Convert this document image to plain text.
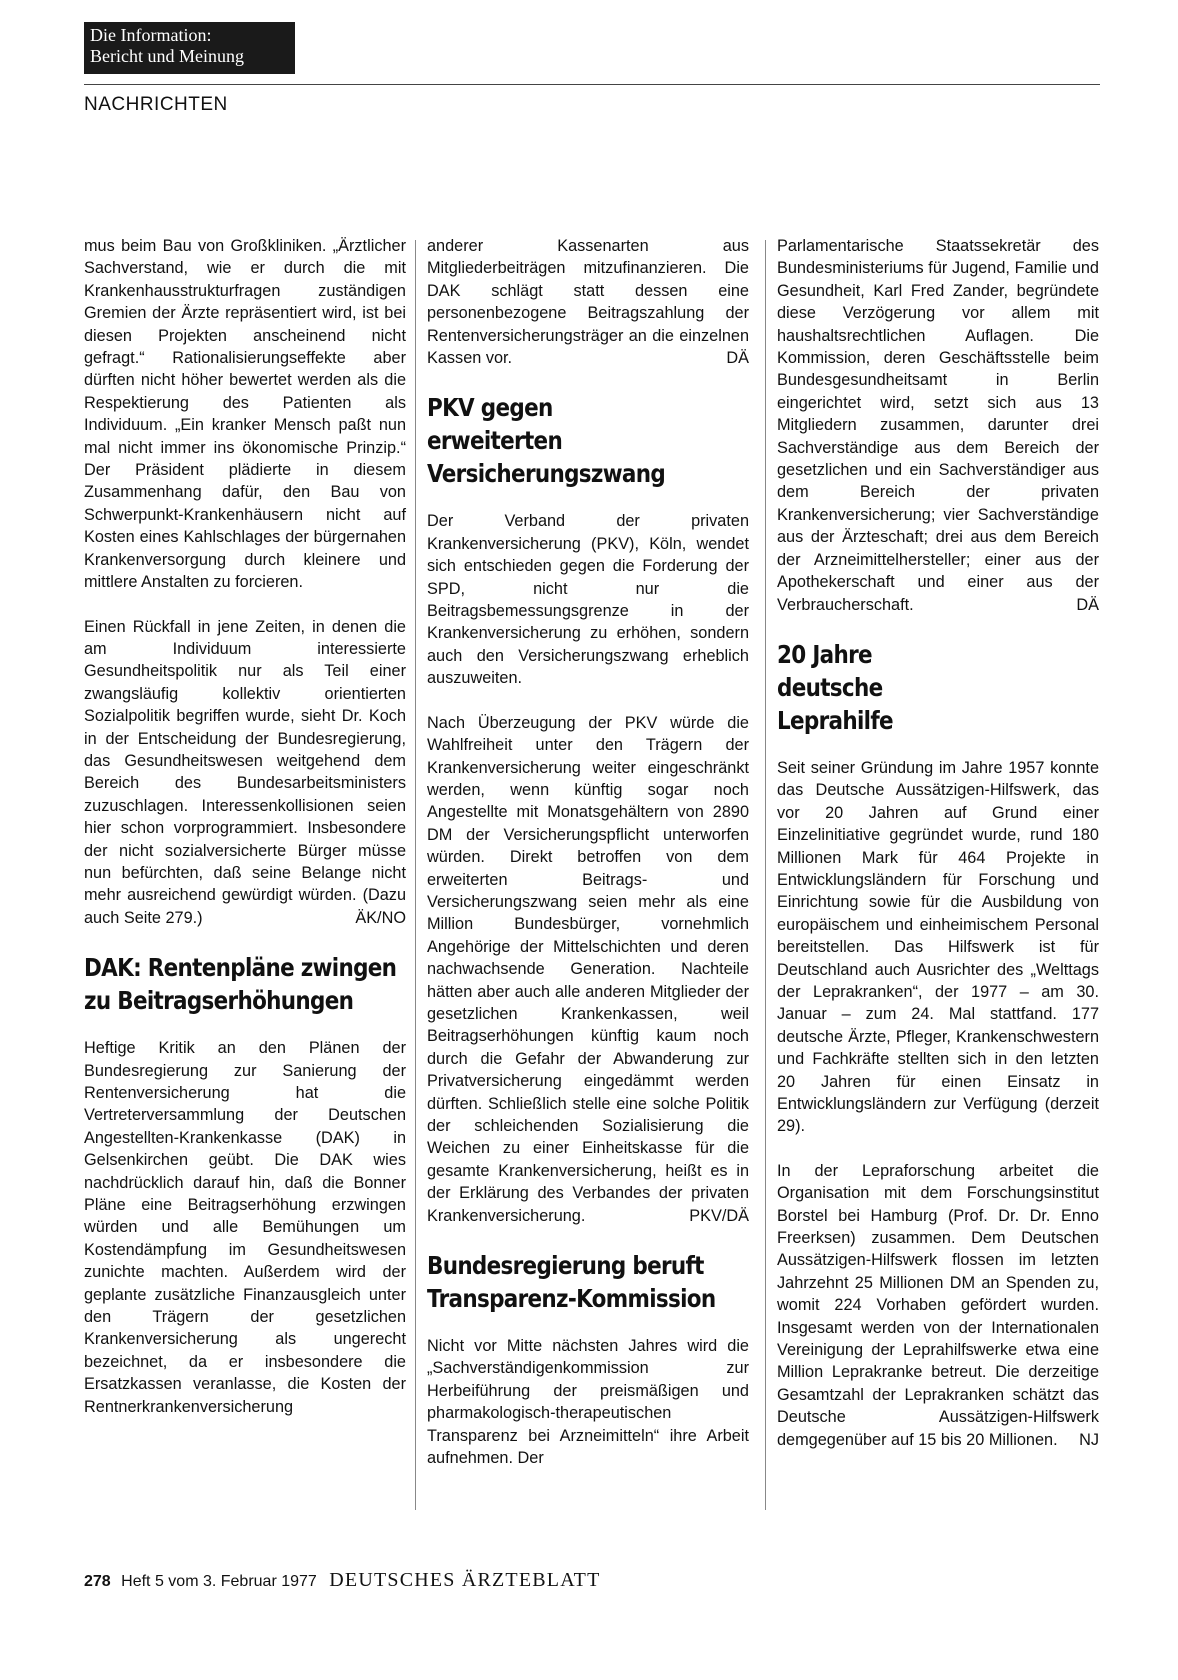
Die Information:
Bericht und Meinung
NACHRICHTEN

mus beim Bau von Großkliniken. „Ärztlicher Sachverstand, wie er durch die mit Krankenhausstrukturfragen zuständigen Gremien der Ärzte repräsentiert wird, ist bei diesen Projekten anscheinend nicht gefragt.“ Rationalisierungseffekte aber dürften nicht höher bewertet werden als die Respektierung des Patienten als Individuum. „Ein kranker Mensch paßt nun mal nicht immer ins ökonomische Prinzip.“ Der Präsident plädierte in diesem Zusammenhang dafür, den Bau von Schwerpunkt-Krankenhäusern nicht auf Kosten eines Kahlschlages der bürgernahen Krankenversorgung durch kleinere und mittlere Anstalten zu forcieren.

Einen Rückfall in jene Zeiten, in denen die am Individuum interessierte Gesundheitspolitik nur als Teil einer zwangsläufig kollektiv orientierten Sozialpolitik begriffen wurde, sieht Dr. Koch in der Entscheidung der Bundesregierung, das Gesundheitswesen weitgehend dem Bereich des Bundesarbeitsministers zuzuschlagen. Interessenkollisionen seien hier schon vorprogrammiert. Insbesondere der nicht sozialversicherte Bürger müsse nun befürchten, daß seine Belange nicht mehr ausreichend gewürdigt würden. (Dazu auch Seite 279.)	ÄK/NO

DAK: Rentenpläne zwingen zu Beitragserhöhungen

Heftige Kritik an den Plänen der Bundesregierung zur Sanierung der Rentenversicherung hat die Vertreterversammlung der Deutschen Angestellten-Krankenkasse (DAK) in Gelsenkirchen geübt. Die DAK wies nachdrücklich darauf hin, daß die Bonner Pläne eine Beitragserhöhung erzwingen würden und alle Bemühungen um Kostendämpfung im Gesundheitswesen zunichte machten. Außerdem wird der geplante zusätzliche Finanzausgleich unter den Trägern der gesetzlichen Krankenversicherung als ungerecht bezeichnet, da er insbesondere die Ersatzkassen veranlasse, die Kosten der Rentnerkrankenversicherung

anderer Kassenarten aus Mitgliederbeiträgen mitzufinanzieren. Die DAK schlägt statt dessen eine personenbezogene Beitragszahlung der Rentenversicherungsträger an die einzelnen Kassen vor.	DÄ

PKV gegen erweiterten Versicherungszwang

Der Verband der privaten Krankenversicherung (PKV), Köln, wendet sich entschieden gegen die Forderung der SPD, nicht nur die Beitragsbemessungsgrenze in der Krankenversicherung zu erhöhen, sondern auch den Versicherungszwang erheblich auszuweiten.

Nach Überzeugung der PKV würde die Wahlfreiheit unter den Trägern der Krankenversicherung weiter eingeschränkt werden, wenn künftig sogar noch Angestellte mit Monatsgehältern von 2890 DM der Versicherungspflicht unterworfen würden. Direkt betroffen von dem erweiterten Beitrags- und Versicherungszwang seien mehr als eine Million Bundesbürger, vornehmlich Angehörige der Mittelschichten und deren nachwachsende Generation. Nachteile hätten aber auch alle anderen Mitglieder der gesetzlichen Krankenkassen, weil Beitragserhöhungen künftig kaum noch durch die Gefahr der Abwanderung zur Privatversicherung eingedämmt werden dürften. Schließlich stelle eine solche Politik der schleichenden Sozialisierung die Weichen zu einer Einheitskasse für die gesamte Krankenversicherung, heißt es in der Erklärung des Verbandes der privaten Krankenversicherung.	PKV/DÄ

Bundesregierung beruft Transparenz-Kommission

Nicht vor Mitte nächsten Jahres wird die „Sachverständigenkommission zur Herbeiführung der preismäßigen und pharmakologisch-therapeutischen Transparenz bei Arzneimitteln“ ihre Arbeit aufnehmen. Der

Parlamentarische Staatssekretär des Bundesministeriums für Jugend, Familie und Gesundheit, Karl Fred Zander, begründete diese Verzögerung vor allem mit haushaltsrechtlichen Auflagen. Die Kommission, deren Geschäftsstelle beim Bundesgesundheitsamt in Berlin eingerichtet wird, setzt sich aus 13 Mitgliedern zusammen, darunter drei Sachverständige aus dem Bereich der gesetzlichen und ein Sachverständiger aus dem Bereich der privaten Krankenversicherung; vier Sachverständige aus der Ärzteschaft; drei aus dem Bereich der Arzneimittelhersteller; einer aus der Apothekerschaft und einer aus der Verbraucherschaft.	DÄ

20 Jahre deutsche Leprahilfe

Seit seiner Gründung im Jahre 1957 konnte das Deutsche Aussätzigen-Hilfswerk, das vor 20 Jahren auf Grund einer Einzelinitiative gegründet wurde, rund 180 Millionen Mark für 464 Projekte in Entwicklungsländern für Forschung und Einrichtung sowie für die Ausbildung von europäischem und einheimischem Personal bereitstellen. Das Hilfswerk ist für Deutschland auch Ausrichter des „Welttags der Leprakranken“, der 1977 – am 30. Januar – zum 24. Mal stattfand. 177 deutsche Ärzte, Pfleger, Krankenschwestern und Fachkräfte stellten sich in den letzten 20 Jahren für einen Einsatz in Entwicklungsländern zur Verfügung (derzeit 29).

In der Lepraforschung arbeitet die Organisation mit dem Forschungsinstitut Borstel bei Hamburg (Prof. Dr. Dr. Enno Freerksen) zusammen. Dem Deutschen Aussätzigen-Hilfswerk flossen im letzten Jahrzehnt 25 Millionen DM an Spenden zu, womit 224 Vorhaben gefördert wurden. Insgesamt werden von der Internationalen Vereinigung der Leprahilfswerke etwa eine Million Leprakranke betreut. Die derzeitige Gesamtzahl der Leprakranken schätzt das Deutsche Aussätzigen-Hilfswerk demgegenüber auf 15 bis 20 Millionen. NJ

278 Heft 5 vom 3. Februar 1977 DEUTSCHES ÄRZTEBLATT
